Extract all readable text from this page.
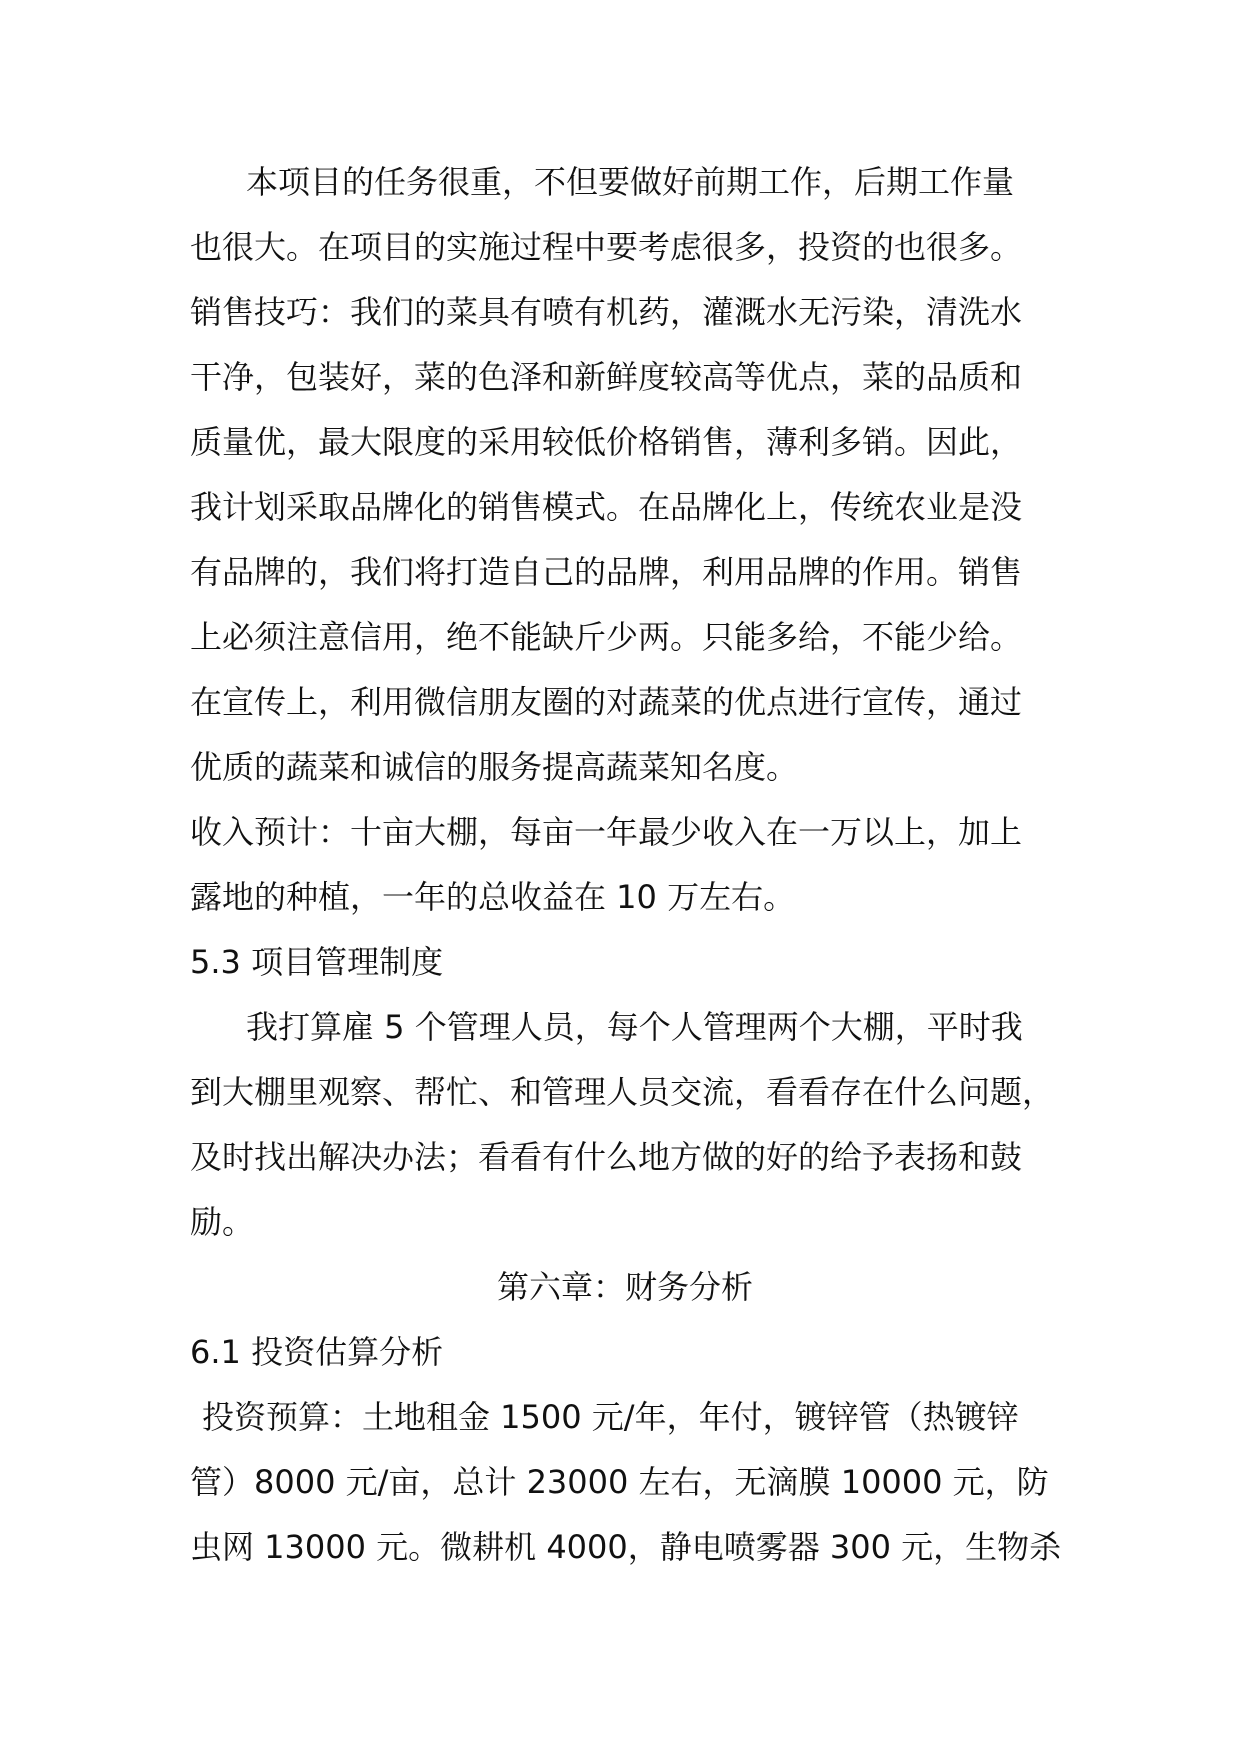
本项目的任务很重，不但要做好前期工作，后期工作量
也很大。在项目的实施过程中要考虑很多，投资的也很多。
销售技巧：我们的菜具有喷有机药，灌溉水无污染，清洗水
干净，包装好，菜的色泽和新鲜度较高等优点，菜的品质和
质量优，最大限度的采用较低价格销售，薄利多销。因此，
我计划采取品牌化的销售模式。在品牌化上，传统农业是没
有品牌的，我们将打造自己的品牌，利用品牌的作用。销售
上必须注意信用，绝不能缺斤少两。只能多给，不能少给。
在宣传上，利用微信朋友圈的对蔬菜的优点进行宣传，通过
优质的蔬菜和诚信的服务提高蔬菜知名度。
收入预计：十亩大棚，每亩一年最少收入在一万以上，加上
露地的种植，一年的总收益在 10 万左右。
5.3 项目管理制度
我打算雇 5 个管理人员，每个人管理两个大棚，平时我
到大棚里观察、帮忙、和管理人员交流，看看存在什么问题，
及时找出解决办法；看看有什么地方做的好的给予表扬和鼓
励。
第六章：财务分析
6.1 投资估算分析
投资预算：土地租金 1500 元/年，年付，镀锌管（热镀锌
管）8000 元/亩，总计 23000 左右，无滴膜 10000 元，防
虫网 13000 元。微耕机 4000，静电喷雾器 300 元，生物杀
